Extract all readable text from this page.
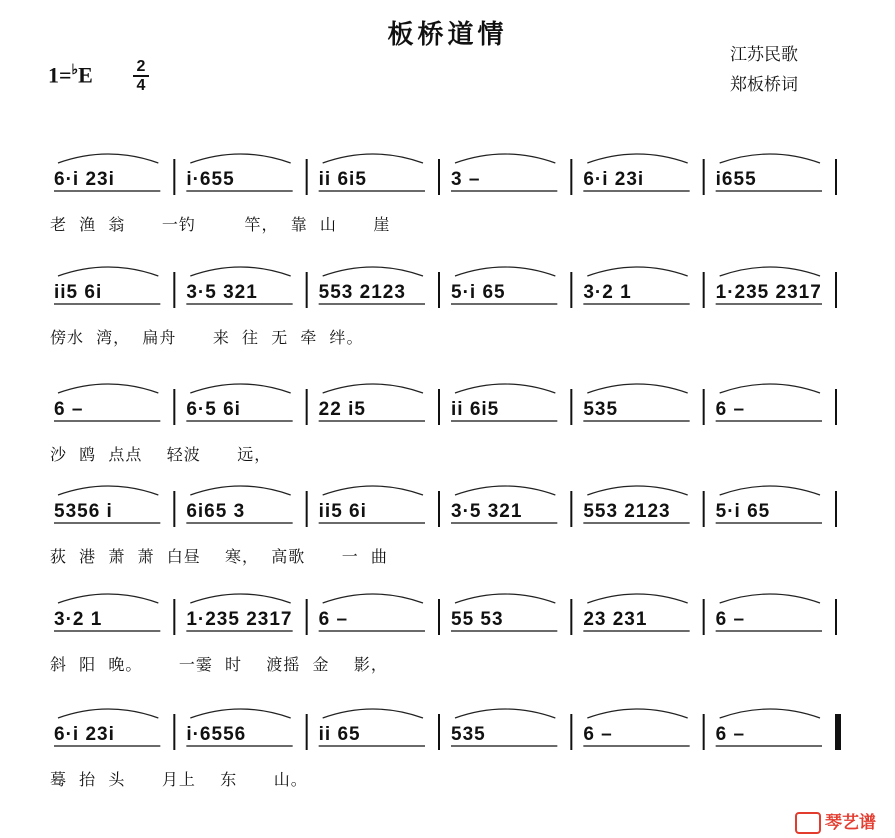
板桥道情
江苏民歌
郑板桥词
1=♭E	2
4
6·i 23i	i·655	ii 6i5	3 –	6·i 23i	i655
老  渔  翁      一钓        竿，  靠  山      崖
ii5 6i	3·5 321	553 2123 5·i 65	3·2 1	1·235 2317
傍水  湾，  扁舟      来  往  无  牵  绊。
6 –	6·5 6i	22 i5	ii 6i5	535	6 –
沙  鸥  点点    轻波      远，
5356 i	6i65 3	ii5 6i	3·5 321	553 2123 5·i 65
荻  港  萧  萧  白昼    寒，  高歌      一  曲
3·2 1	1·235 2317 6 –	55 53	23 231	6 –
斜  阳  晚。      一霎  时    渡摇  金    影，
6·i 23i	i·6556	ii 65	535	6 –	6 –
蓦  抬  头      月上    东      山。
琴艺谱
